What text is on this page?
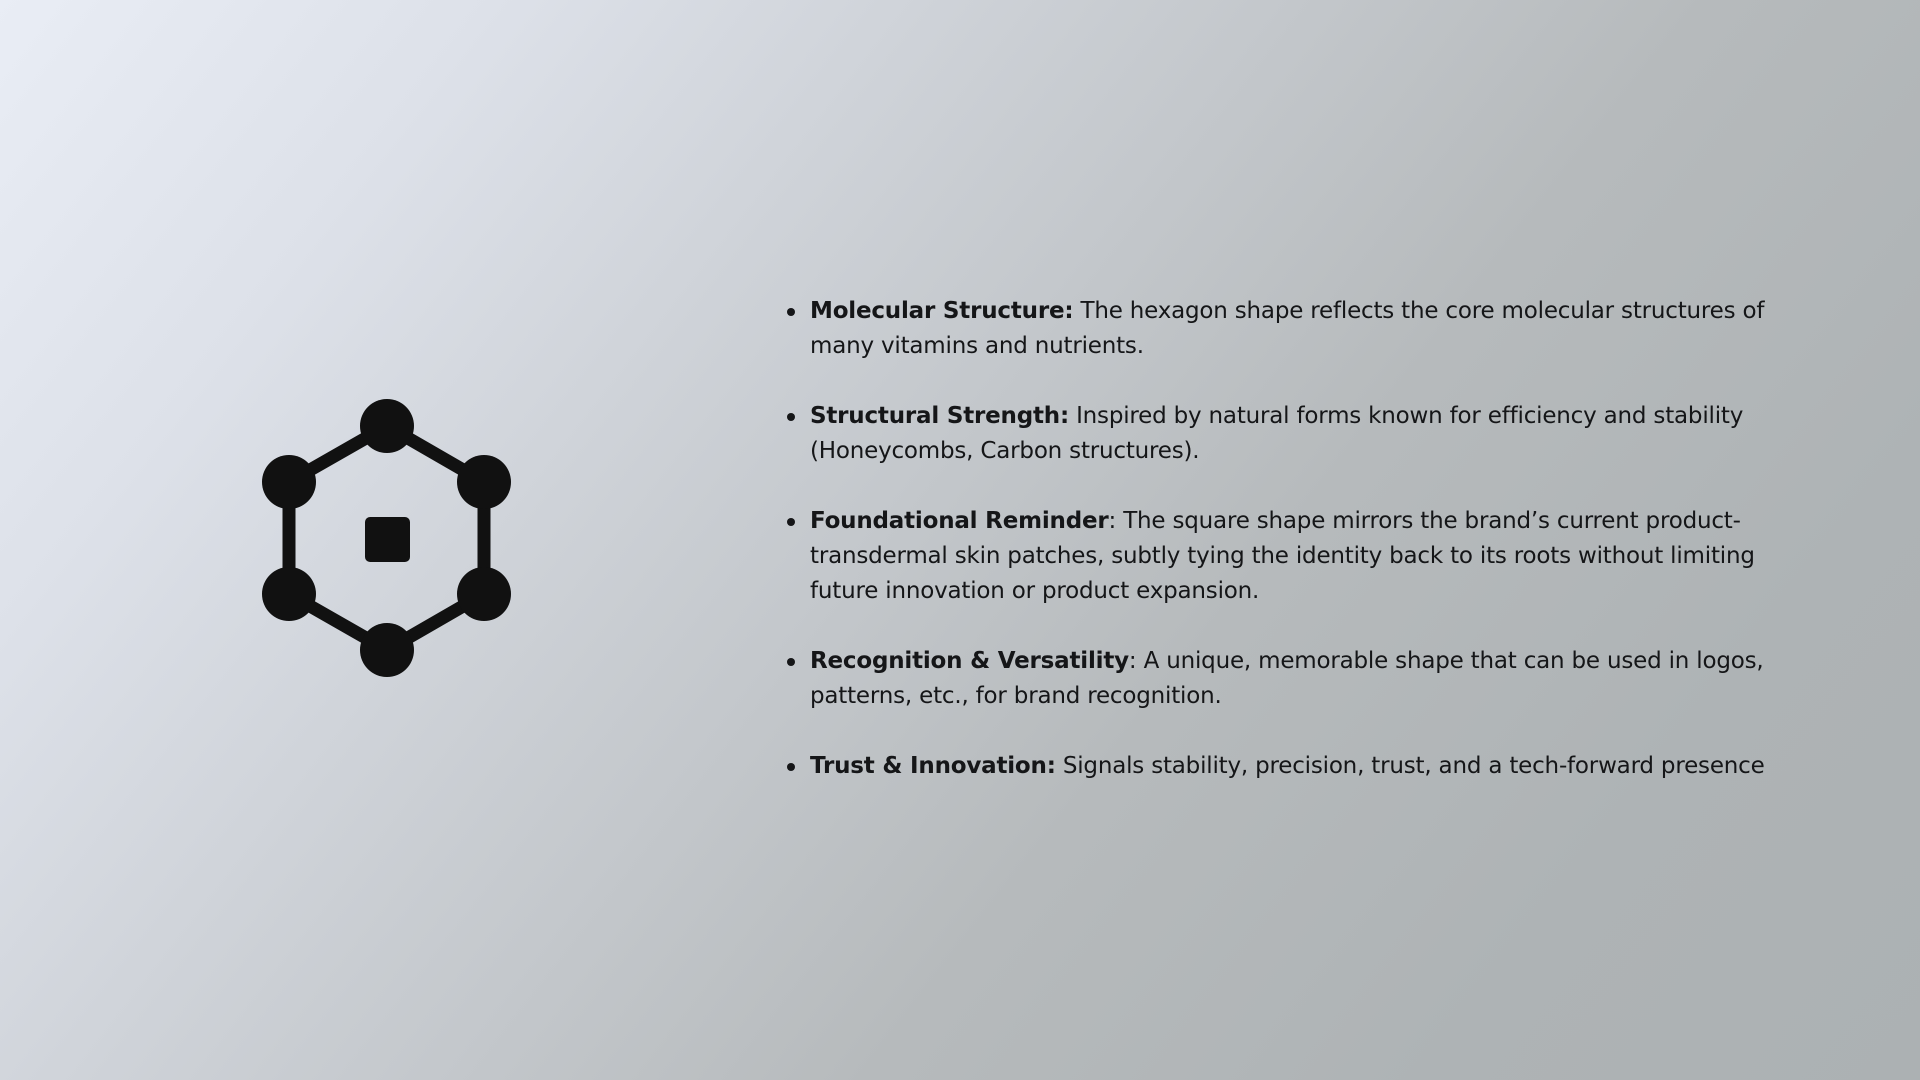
Molecular Structure: The hexagon shape reflects the core molecular structures of many vitamins and nutrients.
Structural Strength: Inspired by natural forms known for efficiency and stability (Honeycombs, Carbon structures).
Foundational Reminder: The square shape mirrors the brand’s current product-transdermal skin patches, subtly tying the identity back to its roots without limiting future innovation or product expansion.
Recognition & Versatility: A unique, memorable shape that can be used in logos, patterns, etc., for brand recognition.
Trust & Innovation: Signals stability, precision, trust, and a tech-forward presence
